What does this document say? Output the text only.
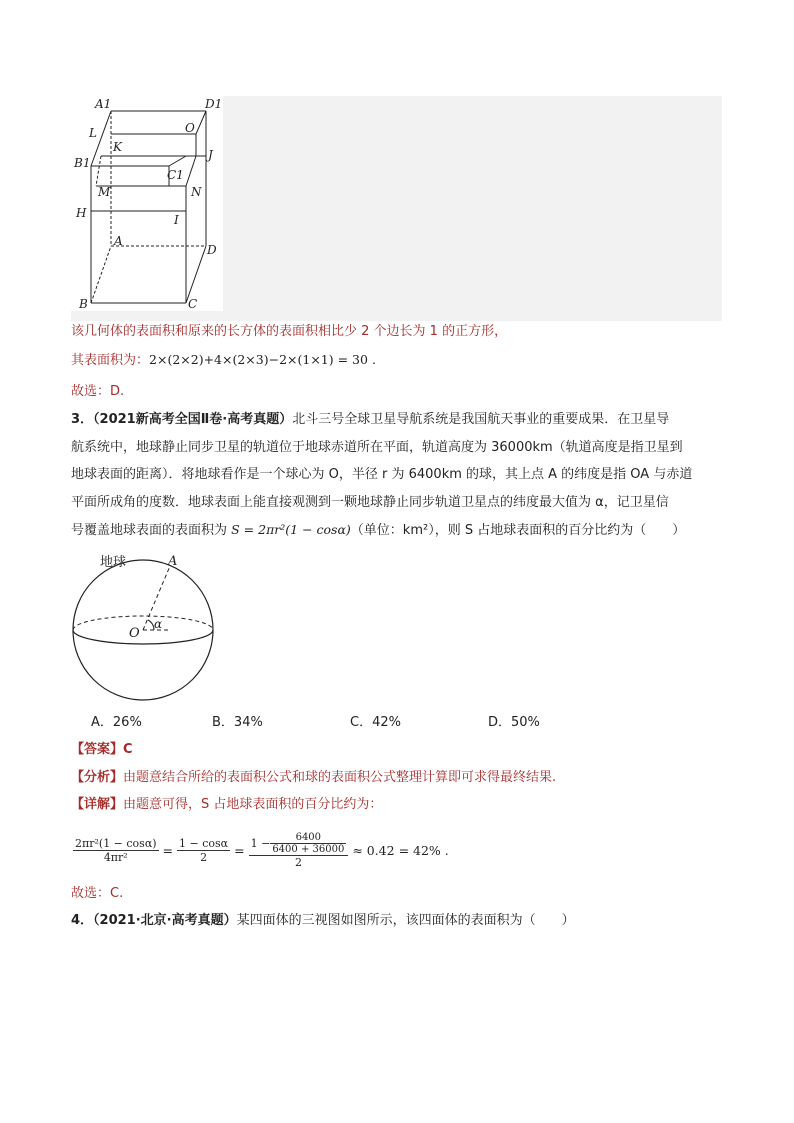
A1	D1
L	O
B1
K
J
C1
M	N
H	I
A
D
B	C
该几何体的表面积和原来的长方体的表面积相比少 2 个边长为 1 的正方形，
其表面积为：2×(2×2)+4×(2×3)−2×(1×1) = 30 .
故选：D.
3．（2021新高考全国Ⅱ卷·高考真题）北斗三号全球卫星导航系统是我国航天事业的重要成果．在卫星导
航系统中，地球静止同步卫星的轨道位于地球赤道所在平面，轨道高度为 36000km（轨道高度是指卫星到
地球表面的距离）．将地球看作是一个球心为 O，半径 r 为 6400km 的球，其上点 A 的纬度是指 OA 与赤道
平面所成角的度数．地球表面上能直接观测到一颗地球静止同步轨道卫星点的纬度最大值为 α，记卫星信
号覆盖地球表面的表面积为 S = 2πr²(1 − cosα)（单位：km²），则 S 占地球表面积的百分比约为（　　）
地球	A
O
α
A．26%	B．34%	C．42%	D．50%
【答案】C
【分析】由题意结合所给的表面积公式和球的表面积公式整理计算即可求得最终结果.
【详解】由题意可得，S 占地球表面积的百分比约为：
$\frac{\text{2πr²(1 − cosα)}}{\text{4πr²}} = \frac{1 - \cos\alpha}{2} = \frac{1 - \frac{6400}{6400 + 36000}}{2} \approx 0.42 = 42\%$ .
故选：C.
4．（2021·北京·高考真题）某四面体的三视图如图所示，该四面体的表面积为（　　）
